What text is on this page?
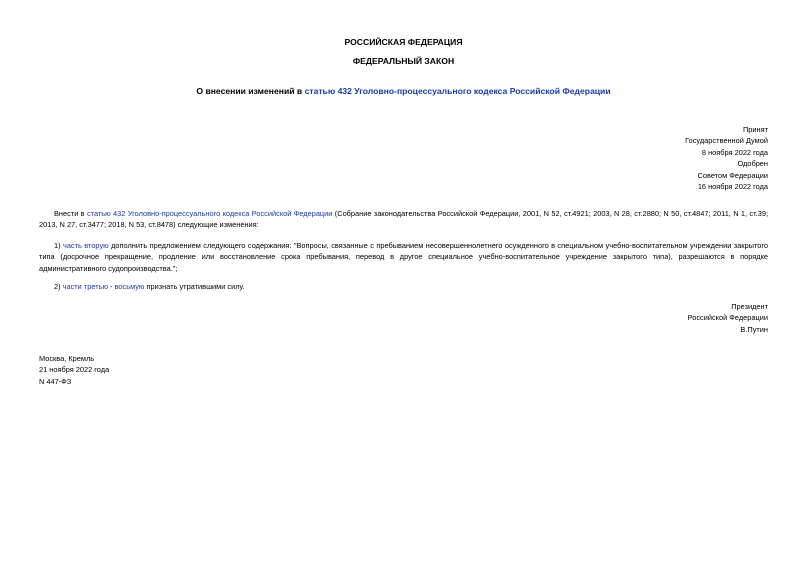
РОССИЙСКАЯ ФЕДЕРАЦИЯ
ФЕДЕРАЛЬНЫЙ ЗАКОН
О внесении изменений в статью 432 Уголовно-процессуального кодекса Российской Федерации
Принят
Государственной Думой
8 ноября 2022 года
Одобрен
Советом Федерации
16 ноября 2022 года
Внести в статью 432 Уголовно-процессуального кодекса Российской Федерации (Собрание законодательства Российской Федерации, 2001, N 52, ст.4921; 2003, N 28, ст.2880; N 50, ст.4847; 2011, N 1, ст.39; 2013, N 27, ст.3477; 2018, N 53, ст.8478) следующие изменения:
1) часть вторую дополнить предложением следующего содержания: "Вопросы, связанные с пребыванием несовершеннолетнего осужденного в специальном учебно-воспитательном учреждении закрытого типа (досрочное прекращение, продление или восстановление срока пребывания, перевод в другое специальное учебно-воспитательное учреждение закрытого типа), разрешаются в порядке административного судопроизводства.";
2) части третью - восьмую признать утратившими силу.
Президент
Российской Федерации
В.Путин
Москва, Кремль
21 ноября 2022 года
N 447-ФЗ
